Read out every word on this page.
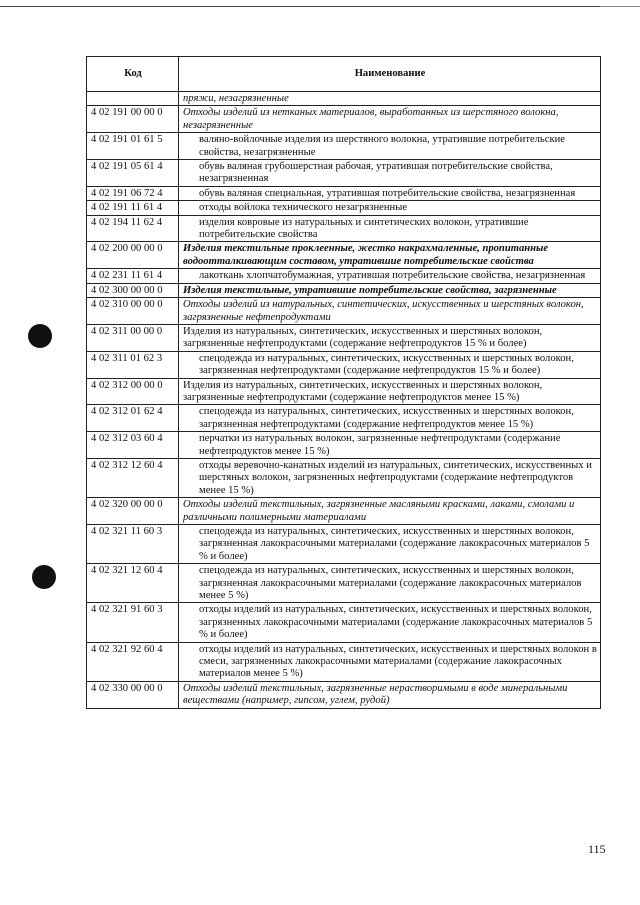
Код	Наименование
	пряжи, незагрязненные
4 02 191 00 00 0	Отходы изделий из нетканых материалов, выработанных из шерстяного волокна, незагрязненные
4 02 191 01 61 5	валяно-войлочные изделия из шерстяного волокна, утратившие потребительские свойства, незагрязненные
4 02 191 05 61 4	обувь валяная грубошерстная рабочая, утратившая потребительские свойства, незагрязненная
4 02 191 06 72 4	обувь валяная специальная, утратившая потребительские свойства, незагрязненная
4 02 191 11 61 4	отходы войлока технического незагрязненные
4 02 194 11 62 4	изделия ковровые из натуральных и синтетических волокон, утратившие потребительские свойства
4 02 200 00 00 0	Изделия текстильные проклеенные, жестко накрахмаленные, пропитанные водоотталкивающим составом, утратившие потребительские свойства
4 02 231 11 61 4	лакоткань хлопчатобумажная, утратившая потребительские свойства, незагрязненная
4 02 300 00 00 0	Изделия текстильные, утратившие потребительские свойства, загрязненные
4 02 310 00 00 0	Отходы изделий из натуральных, синтетических, искусственных и шерстяных волокон, загрязненные нефтепродуктами
4 02 311 00 00 0	Изделия из натуральных, синтетических, искусственных и шерстяных волокон, загрязненные нефтепродуктами (содержание нефтепродуктов 15 % и более)
4 02 311 01 62 3	спецодежда из натуральных, синтетических, искусственных и шерстяных волокон, загрязненная нефтепродуктами (содержание нефтепродуктов 15 % и более)
4 02 312 00 00 0	Изделия из натуральных, синтетических, искусственных и шерстяных волокон, загрязненные нефтепродуктами (содержание нефтепродуктов менее 15 %)
4 02 312 01 62 4	спецодежда из натуральных, синтетических, искусственных и шерстяных волокон, загрязненная нефтепродуктами (содержание нефтепродуктов менее 15 %)
4 02 312 03 60 4	перчатки из натуральных волокон, загрязненные нефтепродуктами (содержание нефтепродуктов менее 15 %)
4 02 312 12 60 4	отходы веревочно-канатных изделий из натуральных, синтетических, искусственных и шерстяных волокон, загрязненных нефтепродуктами (содержание нефтепродуктов менее 15 %)
4 02 320 00 00 0	Отходы изделий текстильных, загрязненные масляными красками, лаками, смолами и различными полимерными материалами
4 02 321 11 60 3	спецодежда из натуральных, синтетических, искусственных и шерстяных волокон, загрязненная лакокрасочными материалами (содержание лакокрасочных материалов 5 % и более)
4 02 321 12 60 4	спецодежда из натуральных, синтетических, искусственных и шерстяных волокон, загрязненная лакокрасочными материалами (содержание лакокрасочных материалов менее 5 %)
4 02 321 91 60 3	отходы изделий из натуральных, синтетических, искусственных и шерстяных волокон, загрязненных лакокрасочными материалами (содержание лакокрасочных материалов 5 % и более)
4 02 321 92 60 4	отходы изделий из натуральных, синтетических, искусственных и шерстяных волокон в смеси, загрязненных лакокрасочными материалами (содержание лакокрасочных материалов менее 5 %)
4 02 330 00 00 0	Отходы изделий текстильных, загрязненные нерастворимыми в воде минеральными веществами (например, гипсом, углем, рудой)
115
